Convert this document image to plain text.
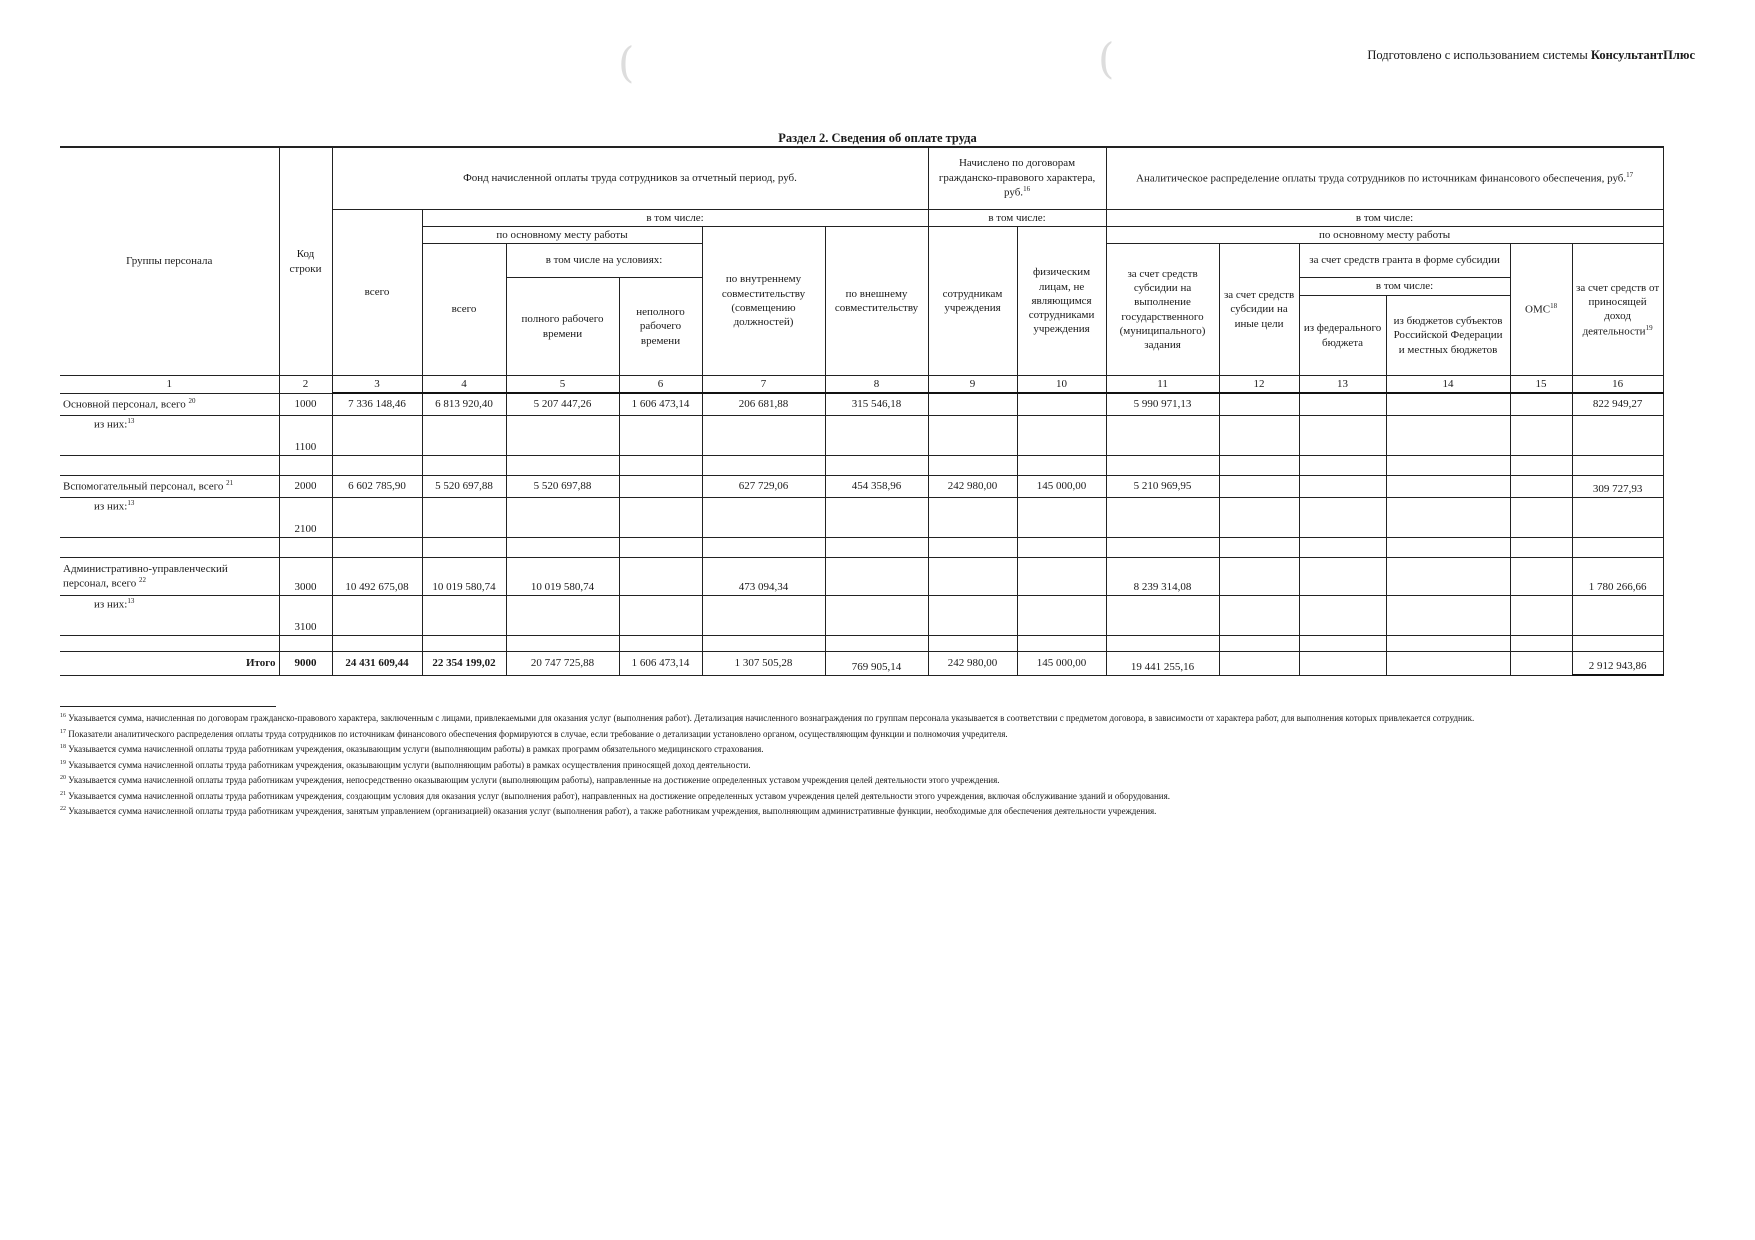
(	(	Подготовлено с использованием системы КонсультантПлюс
Раздел 2. Сведения об оплате труда
Группы персонала	Код строки	Фонд начисленной оплаты труда сотрудников за отчетный период, руб.						Начислено по договорам гражданско-правового характера, руб.$^{16}$		Аналитическое распределение оплаты труда сотрудников по источникам финансового обеспечения, руб.$^{17}$
		всего	в том числе:					в том числе:		в том числе:					
			по основному месту работы			по внутреннему совместительству (совмещению должностей)	по внешнему совместительству	сотрудникам учреждения	физическим лицам, не являющимся сотрудниками учреждения	по основному месту работы					
			всего	в том числе на условиях:						за счет средств субсидии на выполнение государственного (муниципального) задания	за счет средств субсидии на иные цели	за счет средств гранта в форме субсидии		ОМС$^{18}$	за счет средств от приносящей доход деятельности$^{19}$
				полного рабочего времени	неполного рабочего времени							в том числе:			
												из федерального бюджета	из бюджетов субъектов Российской Федерации и местных бюджетов		
1	2	3	4	5	6	7	8	9	10	11	12	13	14	15	16
Основной персонал, всего $^{20}$	1000	7 336 148,46	6 813 920,40	5 207 447,26	1 606 473,14	206 681,88	315 546,18			5 990 971,13					822 949,27
из них:$^{13}$	1100														

Вспомогательный персонал, всего $^{21}$	2000	6 602 785,90	5 520 697,88	5 520 697,88		627 729,06	454 358,96	242 980,00	145 000,00	5 210 969,95					309 727,93
из них:$^{13}$	2100														

Административно-управленческий персонал, всего $^{22}$	3000	10 492 675,08	10 019 580,74	10 019 580,74		473 094,34				8 239 314,08					1 780 266,66
из них:$^{13}$	3100														

Итого	9000	24 431 609,44	22 354 199,02	20 747 725,88	1 606 473,14	1 307 505,28	769 905,14	242 980,00	145 000,00	19 441 255,16					2 912 943,86

$^{16}$ Указывается сумма, начисленная по договорам гражданско-правового характера, заключенным с лицами, привлекаемыми для оказания услуг (выполнения работ). Детализация начисленного вознаграждения по группам персонала указывается в соответствии с предметом договора, в зависимости от характера работ, для выполнения которых привлекается сотрудник.

$^{17}$ Показатели аналитического распределения оплаты труда сотрудников по источникам финансового обеспечения формируются в случае, если требование о детализации установлено органом, осуществляющим функции и полномочия учредителя.

$^{18}$ Указывается сумма начисленной оплаты труда работникам учреждения, оказывающим услуги (выполняющим работы) в рамках программ обязательного медицинского страхования.

$^{19}$ Указывается сумма начисленной оплаты труда работникам учреждения, оказывающим услуги (выполняющим работы) в рамках осуществления приносящей доход деятельности.

$^{20}$ Указывается сумма начисленной оплаты труда работникам учреждения, непосредственно оказывающим услуги (выполняющим работы), направленные на достижение определенных уставом учреждения целей деятельности этого учреждения.

$^{21}$ Указывается сумма начисленной оплаты труда работникам учреждения, создающим условия для оказания услуг (выполнения работ), направленных на достижение определенных уставом учреждения целей деятельности этого учреждения, включая обслуживание зданий и оборудования.

$^{22}$ Указывается сумма начисленной оплаты труда работникам учреждения, занятым управлением (организацией) оказания услуг (выполнения работ), а также работникам учреждения, выполняющим административные функции, необходимые для обеспечения деятельности учреждения.
